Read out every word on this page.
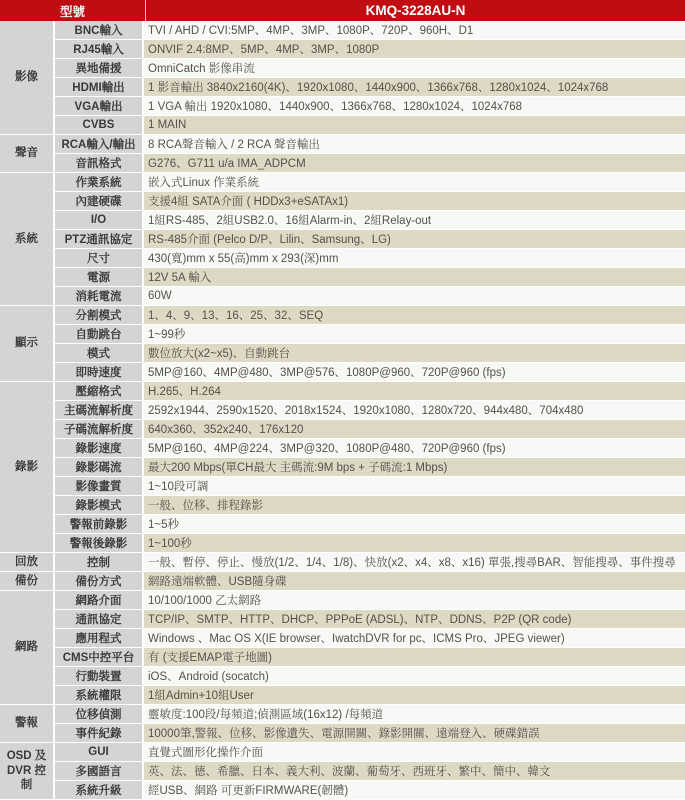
型號	KMQ-3228AU-N
影像
BNC輸入	TVI / AHD / CVI:5MP、4MP、3MP、1080P、720P、960H、D1
RJ45輸入	ONVIF 2.4:8MP、5MP、4MP、3MP、1080P
異地備援	OmniCatch 影像串流
HDMI輸出	1 影音輸出 3840x2160(4K)、1920x1080、1440x900、1366x768、1280x1024、1024x768
VGA輸出	1 VGA 輸出 1920x1080、1440x900、1366x768、1280x1024、1024x768
CVBS	1 MAIN
聲音
RCA輸入/輸出	8 RCA聲音輸入 / 2 RCA 聲音輸出
音訊格式	G276、G711 u/a IMA_ADPCM
系統
作業系統	嵌入式Linux 作業系統
內建硬碟	支援4組 SATA介面 ( HDDx3+eSATAx1)
I/O	1組RS-485、2組USB2.0、16組Alarm-in、2組Relay-out
PTZ通訊協定	RS-485介面 (Pelco D/P、Lilin、Samsung、LG)
尺寸	430(寬)mm x 55(高)mm x 293(深)mm
電源	12V 5A 輸入
消耗電流	60W
顯示
分割模式	1、4、9、13、16、25、32、SEQ
自動跳台	1~99秒
模式	數位放大(x2~x5)、自動跳台
即時速度	5MP@160、4MP@480、3MP@576、1080P@960、720P@960 (fps)
錄影
壓縮格式	H.265、H.264
主碼流解析度	2592x1944、2590x1520、2018x1524、1920x1080、1280x720、944x480、704x480
子碼流解析度	640x360、352x240、176x120
錄影速度	5MP@160、4MP@224、3MP@320、1080P@480、720P@960 (fps)
錄影碼流	最大200 Mbps(單CH最大 主碼流:9M bps + 子碼流:1 Mbps)
影像畫質	1~10段可調
錄影模式	一般、位移、排程錄影
警報前錄影	1~5秒
警報後錄影	1~100秒
回放	控制	一般、暫停、停止、慢放(1/2、1/4、1/8)、快放(x2、x4、x8、x16) 單張,搜尋BAR、智能搜尋、事件搜尋
備份	備份方式	網路遠端軟體、USB隨身碟
網路
網路介面	10/100/1000 乙太網路
通訊協定	TCP/IP、SMTP、HTTP、DHCP、PPPoE (ADSL)、NTP、DDNS、P2P (QR code)
應用程式	Windows 、Mac OS X(IE browser、IwatchDVR for pc、ICMS Pro、JPEG viewer)
CMS中控平台	有 (支援EMAP電子地圖)
行動裝置	iOS、Android (socatch)
系統權限	1組Admin+10組User
警報
位移偵測	靈敏度:100段/每頻道;偵測區域(16x12) /每頻道
事件紀錄	10000筆,警報、位移、影像遺失、電源開關、錄影開關、遠端登入、硬碟錯誤
OSD 及 DVR 控制
GUI	直覺式圖形化操作介面
多國語言	英、法、德、希臘、日本、義大利、波蘭、葡萄牙、西班牙、繁中、簡中、韓文
系統升級	經USB、網路 可更新FIRMWARE(韌體)
